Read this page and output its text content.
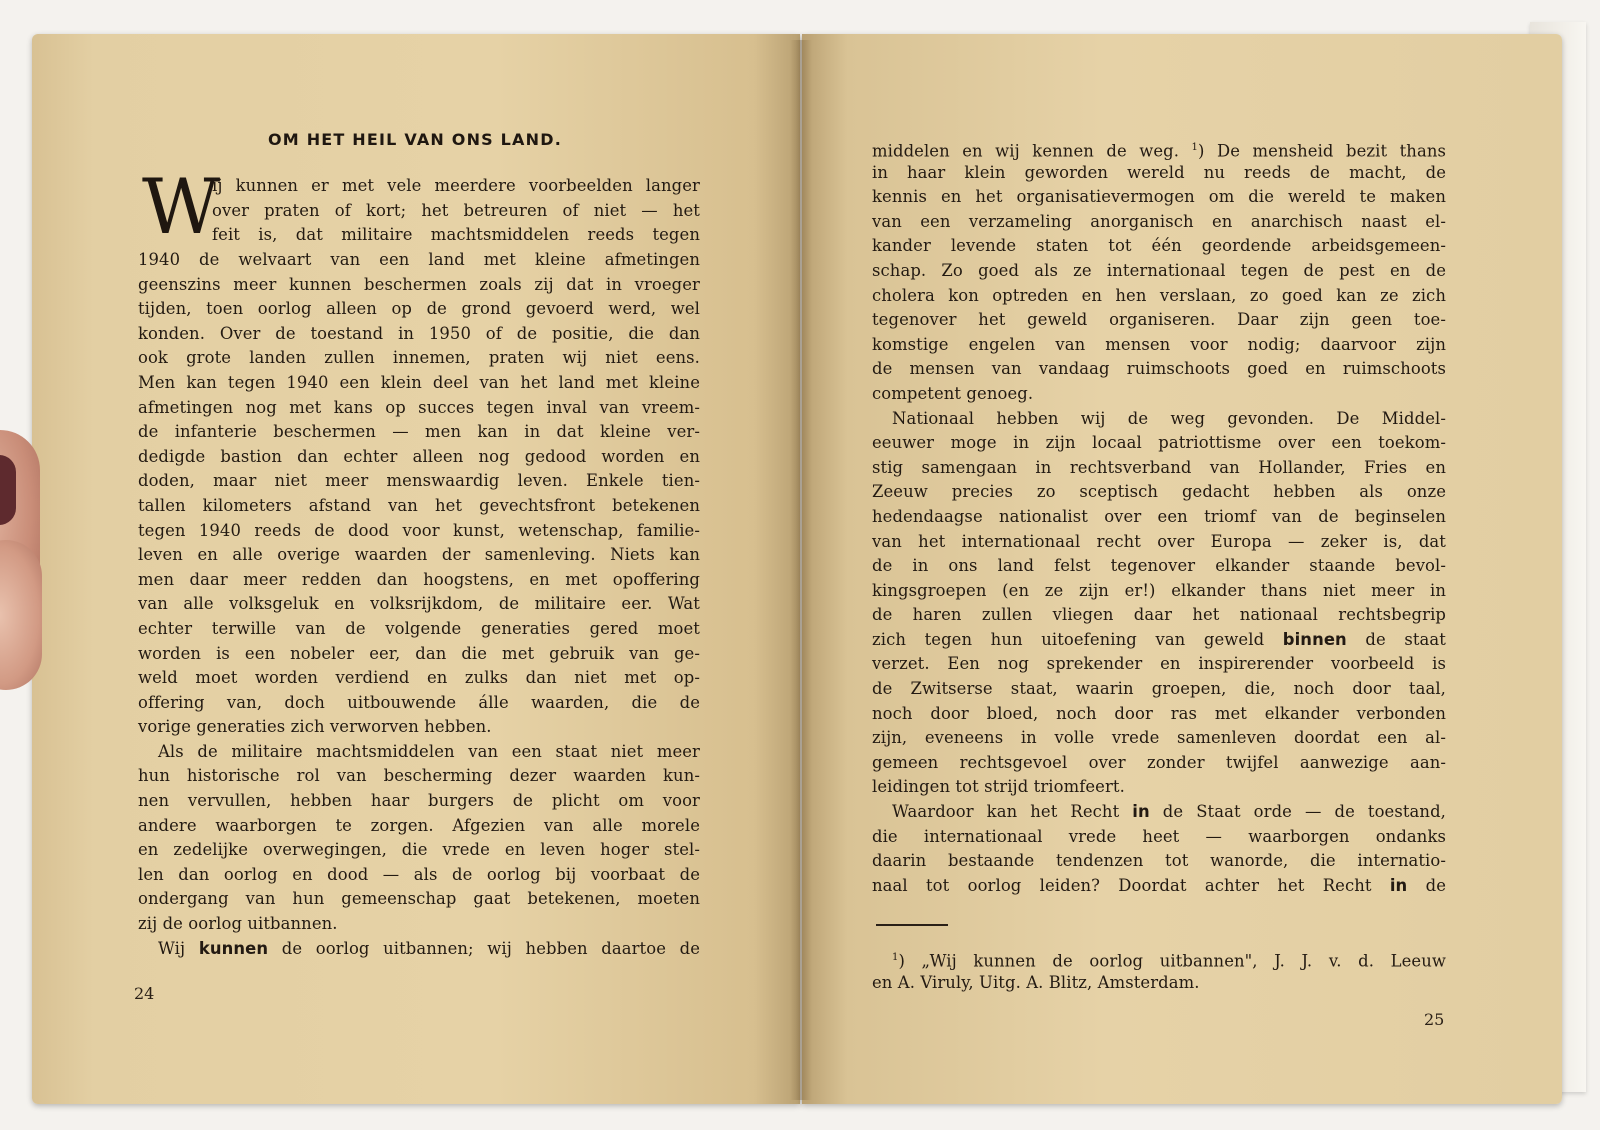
OM HET HEIL VAN ONS LAND.
W
ij kunnen er met vele meerdere voorbeelden langer
over praten of kort; het betreuren of niet — het
feit is, dat militaire machtsmiddelen reeds tegen
1940 de welvaart van een land met kleine afmetingen
geenszins meer kunnen beschermen zoals zij dat in vroeger
tijden, toen oorlog alleen op de grond gevoerd werd, wel
konden. Over de toestand in 1950 of de positie, die dan
ook grote landen zullen innemen, praten wij niet eens.
Men kan tegen 1940 een klein deel van het land met kleine
afmetingen nog met kans op succes tegen inval van vreem-
de infanterie beschermen — men kan in dat kleine ver-
dedigde bastion dan echter alleen nog gedood worden en
doden, maar niet meer menswaardig leven. Enkele tien-
tallen kilometers afstand van het gevechtsfront betekenen
tegen 1940 reeds de dood voor kunst, wetenschap, familie-
leven en alle overige waarden der samenleving. Niets kan
men daar meer redden dan hoogstens, en met opoffering
van alle volksgeluk en volksrijkdom, de militaire eer. Wat
echter terwille van de volgende generaties gered moet
worden is een nobeler eer, dan die met gebruik van ge-
weld moet worden verdiend en zulks dan niet met op-
offering van, doch uitbouwende álle waarden, die de
vorige generaties zich verworven hebben.
Als de militaire machtsmiddelen van een staat niet meer
hun historische rol van bescherming dezer waarden kun-
nen vervullen, hebben haar burgers de plicht om voor
andere waarborgen te zorgen. Afgezien van alle morele
en zedelijke overwegingen, die vrede en leven hoger stel-
len dan oorlog en dood — als de oorlog bij voorbaat de
ondergang van hun gemeenschap gaat betekenen, moeten
zij de oorlog uitbannen.
Wij kunnen de oorlog uitbannen; wij hebben daartoe de
24
middelen en wij kennen de weg. $^1$) De mensheid bezit thans
in haar klein geworden wereld nu reeds de macht, de
kennis en het organisatievermogen om die wereld te maken
van een verzameling anorganisch en anarchisch naast el-
kander levende staten tot één geordende arbeidsgemeen-
schap. Zo goed als ze internationaal tegen de pest en de
cholera kon optreden en hen verslaan, zo goed kan ze zich
tegenover het geweld organiseren. Daar zijn geen toe-
komstige engelen van mensen voor nodig; daarvoor zijn
de mensen van vandaag ruimschoots goed en ruimschoots
competent genoeg.
Nationaal hebben wij de weg gevonden. De Middel-
eeuwer moge in zijn locaal patriottisme over een toekom-
stig samengaan in rechtsverband van Hollander, Fries en
Zeeuw precies zo sceptisch gedacht hebben als onze
hedendaagse nationalist over een triomf van de beginselen
van het internationaal recht over Europa — zeker is, dat
de in ons land felst tegenover elkander staande bevol-
kingsgroepen (en ze zijn er!) elkander thans niet meer in
de haren zullen vliegen daar het nationaal rechtsbegrip
zich tegen hun uitoefening van geweld binnen de staat
verzet. Een nog sprekender en inspirerender voorbeeld is
de Zwitserse staat, waarin groepen, die, noch door taal,
noch door bloed, noch door ras met elkander verbonden
zijn, eveneens in volle vrede samenleven doordat een al-
gemeen rechtsgevoel over zonder twijfel aanwezige aan-
leidingen tot strijd triomfeert.
Waardoor kan het Recht in de Staat orde — de toestand,
die internationaal vrede heet — waarborgen ondanks
daarin bestaande tendenzen tot wanorde, die internatio-
naal tot oorlog leiden? Doordat achter het Recht in de
$^1$) „Wij kunnen de oorlog uitbannen", J. J. v. d. Leeuw
en A. Viruly, Uitg. A. Blitz, Amsterdam.
25
